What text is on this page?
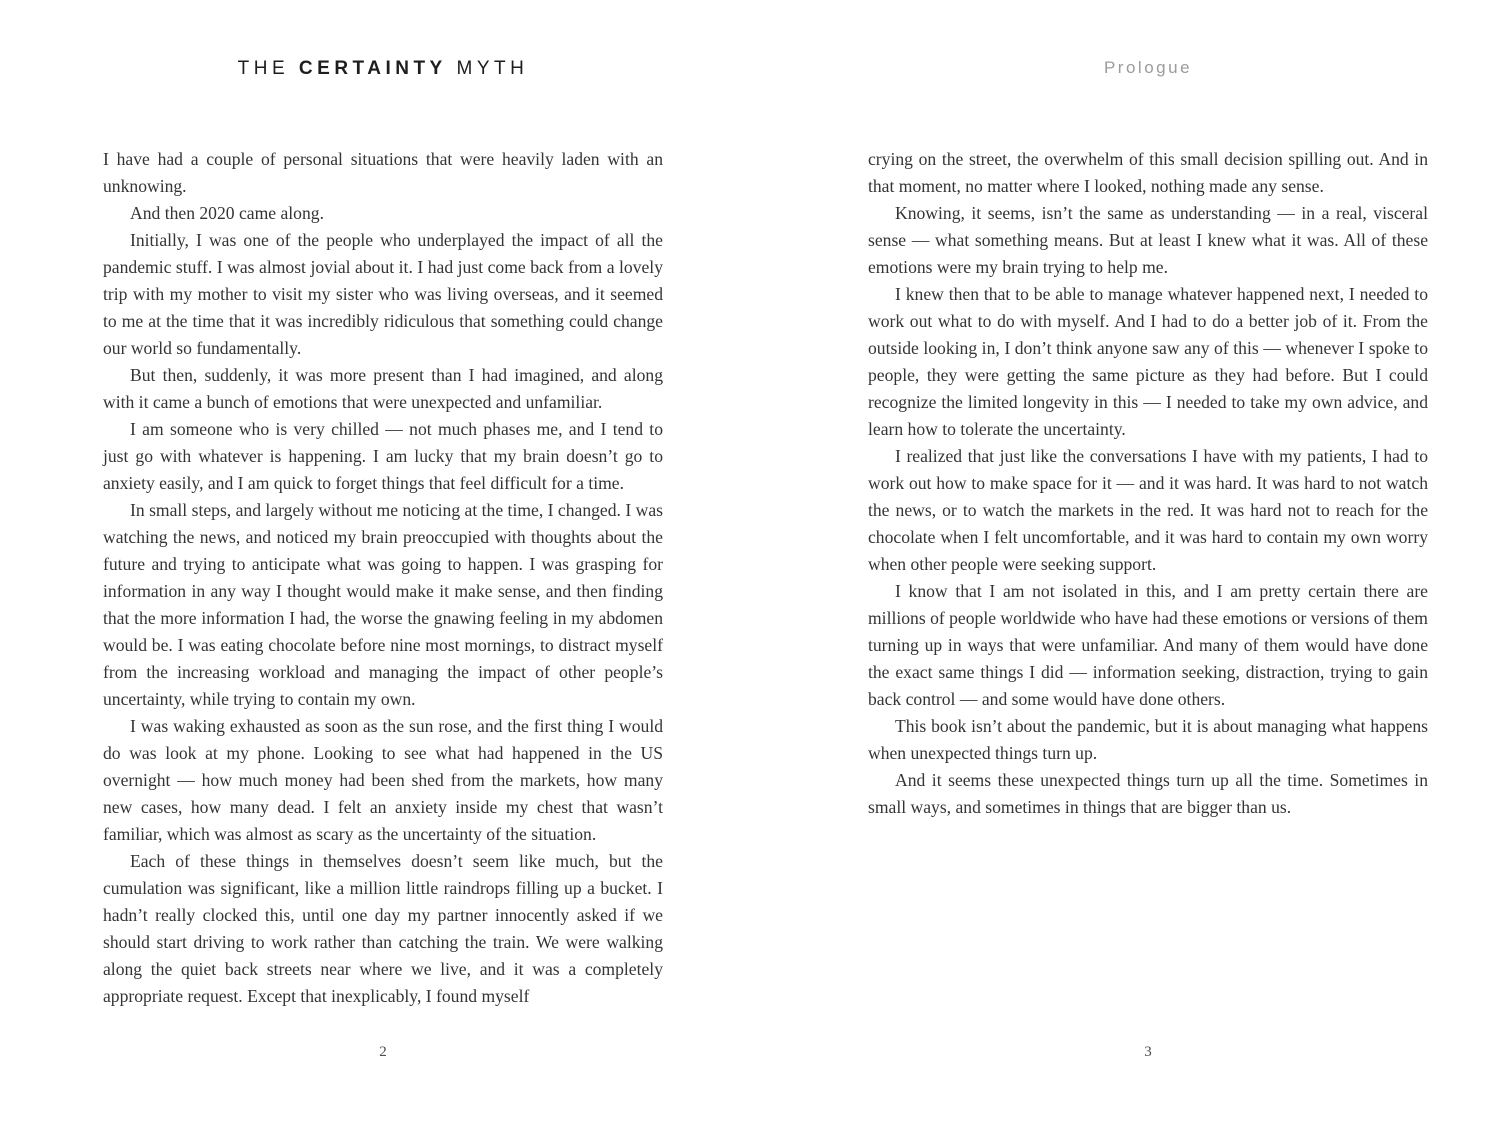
THE CERTAINTY MYTH

I have had a couple of personal situations that were heavily laden with an unknowing.

And then 2020 came along.

Initially, I was one of the people who underplayed the impact of all the pandemic stuff. I was almost jovial about it. I had just come back from a lovely trip with my mother to visit my sister who was living overseas, and it seemed to me at the time that it was incredibly ridiculous that something could change our world so fundamentally.

But then, suddenly, it was more present than I had imagined, and along with it came a bunch of emotions that were unexpected and unfamiliar.

I am someone who is very chilled — not much phases me, and I tend to just go with whatever is happening. I am lucky that my brain doesn’t go to anxiety easily, and I am quick to forget things that feel difficult for a time.

In small steps, and largely without me noticing at the time, I changed. I was watching the news, and noticed my brain preoccupied with thoughts about the future and trying to anticipate what was going to happen. I was grasping for information in any way I thought would make it make sense, and then finding that the more information I had, the worse the gnawing feeling in my abdomen would be. I was eating chocolate before nine most mornings, to distract myself from the increasing workload and managing the impact of other people’s uncertainty, while trying to contain my own.

I was waking exhausted as soon as the sun rose, and the first thing I would do was look at my phone. Looking to see what had happened in the US overnight — how much money had been shed from the markets, how many new cases, how many dead. I felt an anxiety inside my chest that wasn’t familiar, which was almost as scary as the uncertainty of the situation.

Each of these things in themselves doesn’t seem like much, but the cumulation was significant, like a million little raindrops filling up a bucket. I hadn’t really clocked this, until one day my partner innocently asked if we should start driving to work rather than catching the train. We were walking along the quiet back streets near where we live, and it was a completely appropriate request. Except that inexplicably, I found myself

2
Prologue

crying on the street, the overwhelm of this small decision spilling out. And in that moment, no matter where I looked, nothing made any sense.

Knowing, it seems, isn’t the same as understanding — in a real, visceral sense — what something means. But at least I knew what it was. All of these emotions were my brain trying to help me.

I knew then that to be able to manage whatever happened next, I needed to work out what to do with myself. And I had to do a better job of it. From the outside looking in, I don’t think anyone saw any of this — whenever I spoke to people, they were getting the same picture as they had before. But I could recognize the limited longevity in this — I needed to take my own advice, and learn how to tolerate the uncertainty.

I realized that just like the conversations I have with my patients, I had to work out how to make space for it — and it was hard. It was hard to not watch the news, or to watch the markets in the red. It was hard not to reach for the chocolate when I felt uncomfortable, and it was hard to contain my own worry when other people were seeking support.

I know that I am not isolated in this, and I am pretty certain there are millions of people worldwide who have had these emotions or versions of them turning up in ways that were unfamiliar. And many of them would have done the exact same things I did — information seeking, distraction, trying to gain back control — and some would have done others.

This book isn’t about the pandemic, but it is about managing what happens when unexpected things turn up.

And it seems these unexpected things turn up all the time. Sometimes in small ways, and sometimes in things that are bigger than us.

3
